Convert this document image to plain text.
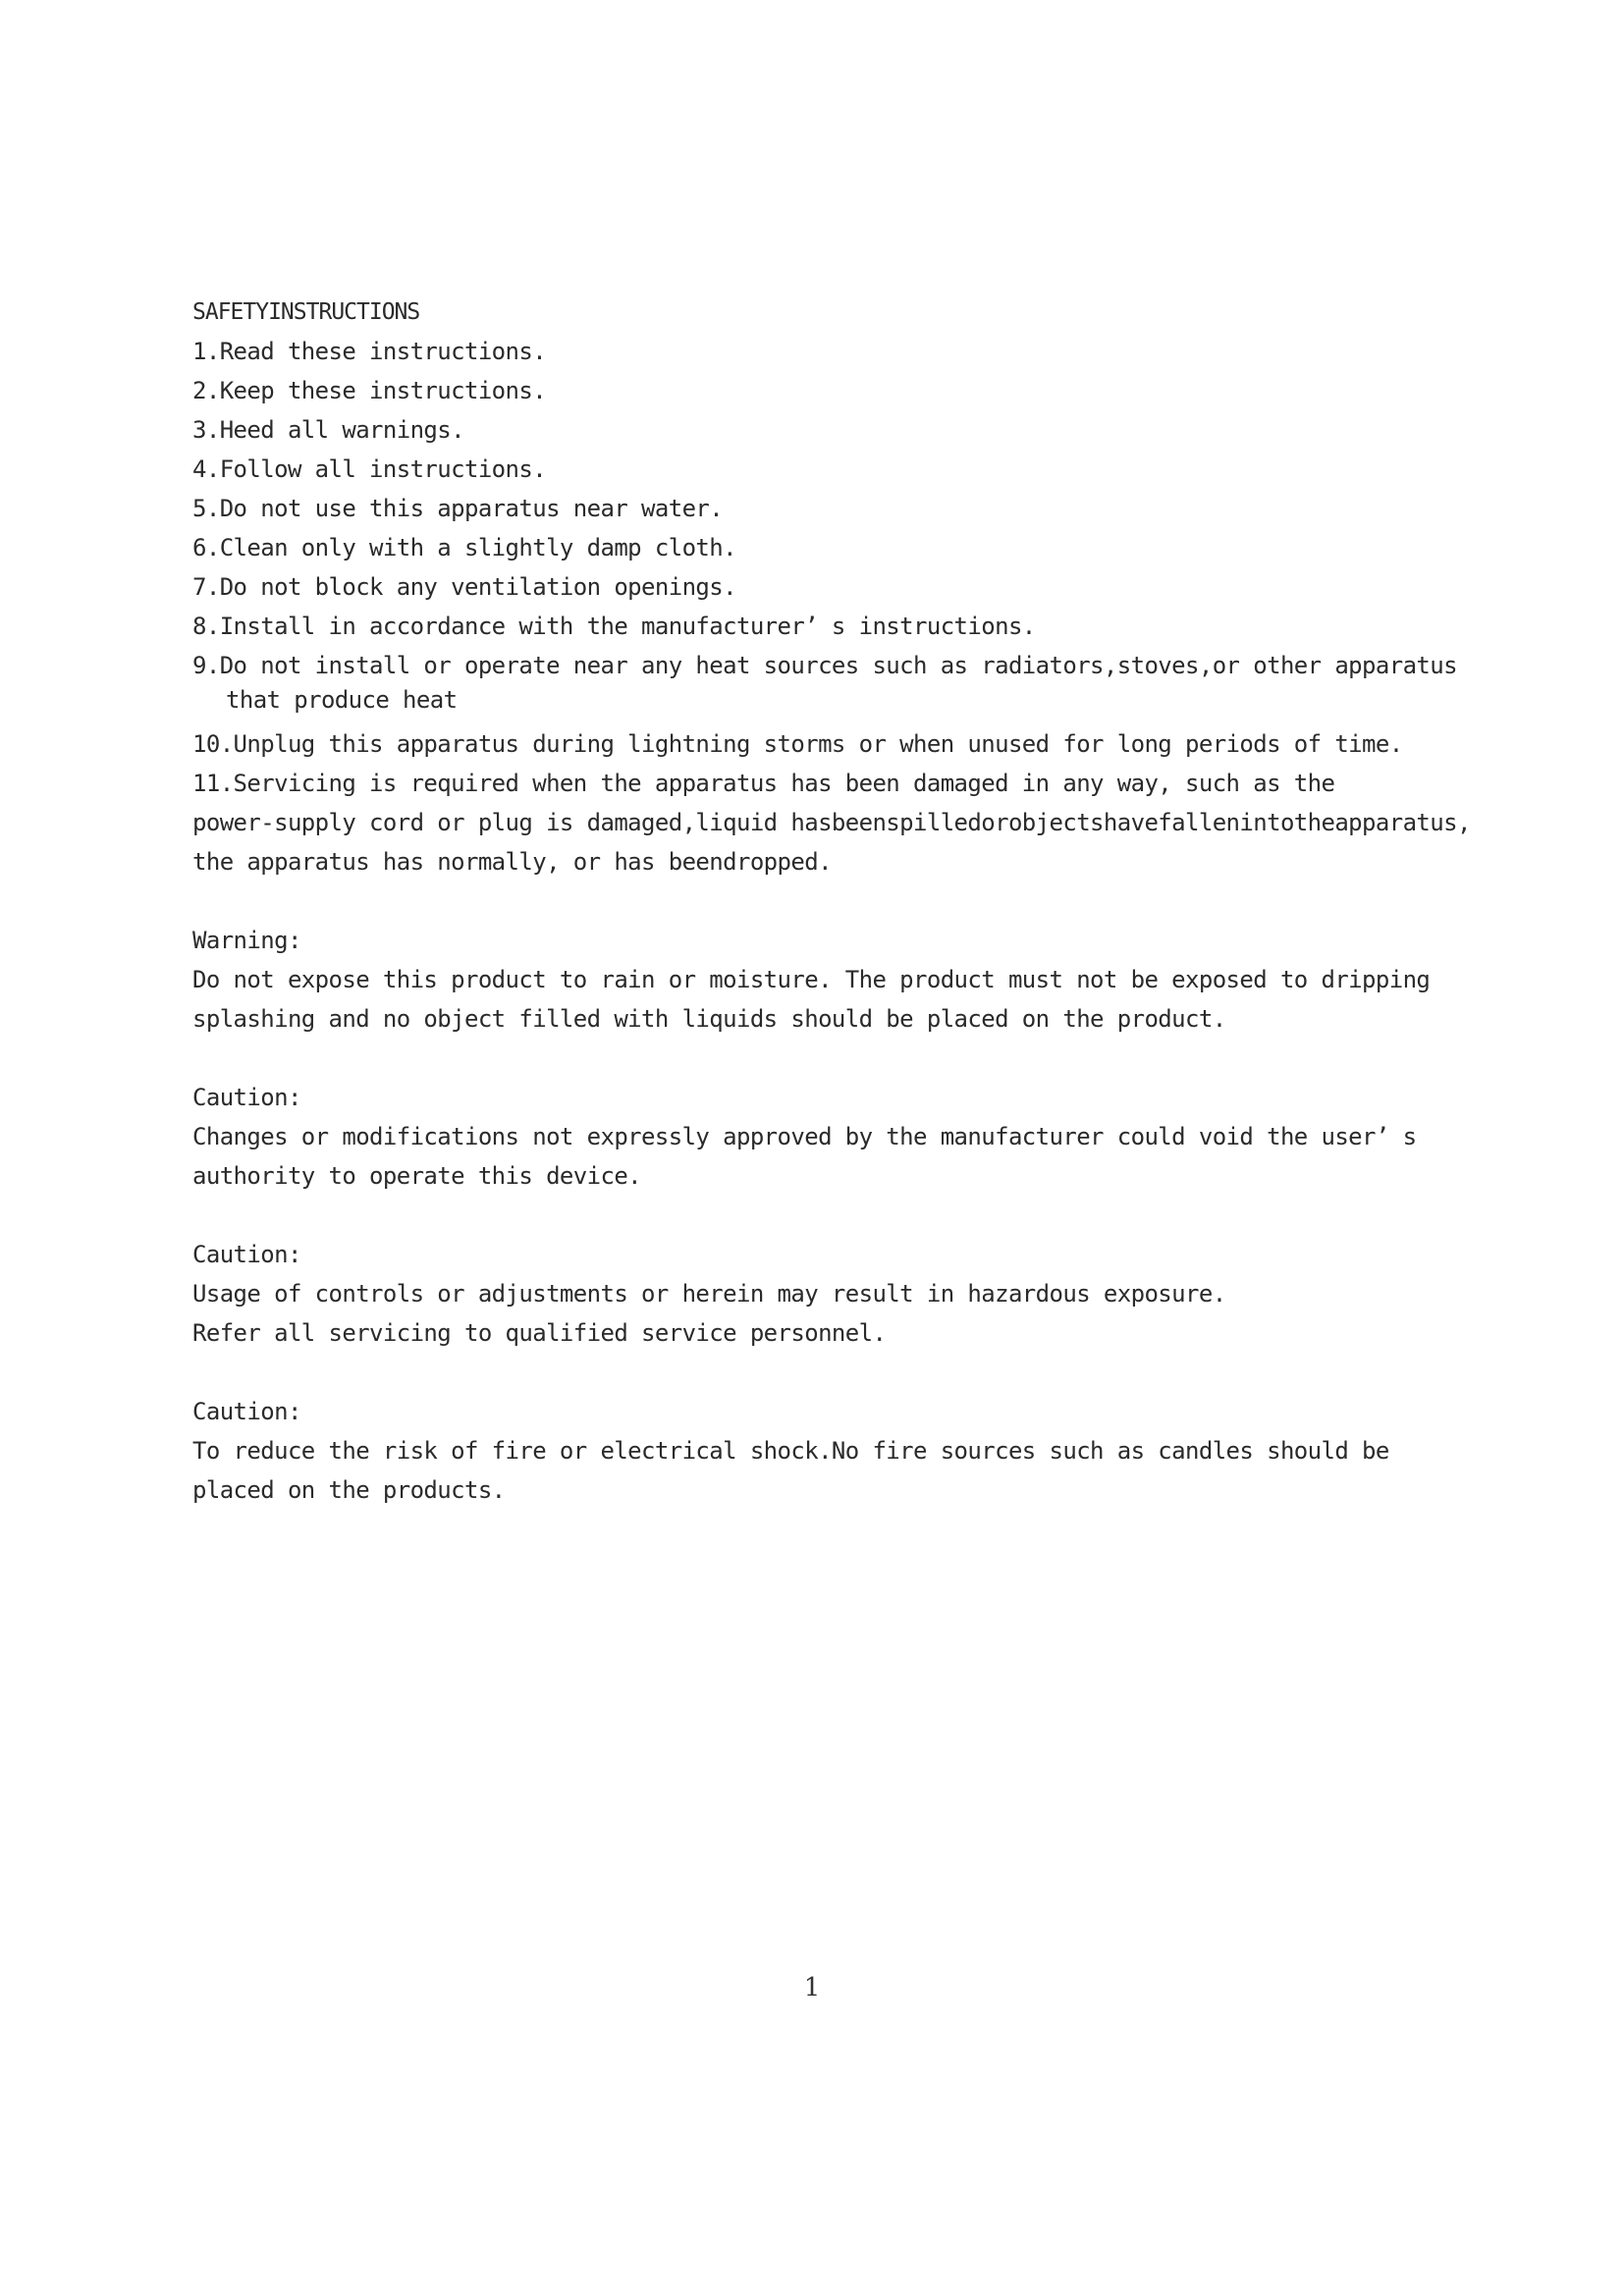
SAFETYINSTRUCTIONS
1.Read these instructions.
2.Keep these instructions.
3.Heed all warnings.
4.Follow all instructions.
5.Do not use this apparatus near water.
6.Clean only with a slightly damp cloth.
7.Do not block any ventilation openings.
8.Install in accordance with the manufacturer’ s instructions.
9.Do not install or operate near any heat sources such as radiators,stoves,or other apparatus
that produce heat
10.Unplug this apparatus during lightning storms or when unused for long periods of time.
11.Servicing is required when the apparatus has been damaged in any way, such as the
power-supply cord or plug is damaged,liquid hasbeenspilledorobjectshavefallenintotheapparatus,
the apparatus has normally, or has beendropped.
Warning:
Do not expose this product to rain or moisture. The product must not be exposed to dripping
splashing and no object filled with liquids should be placed on the product.
Caution:
Changes or modifications not expressly approved by the manufacturer could void the user’ s
authority to operate this device.
Caution:
Usage of controls or adjustments or herein may result in hazardous exposure.
Refer all servicing to qualified service personnel.
Caution:
To reduce the risk of fire or electrical shock.No fire sources such as candles should be
placed on the products.
1
